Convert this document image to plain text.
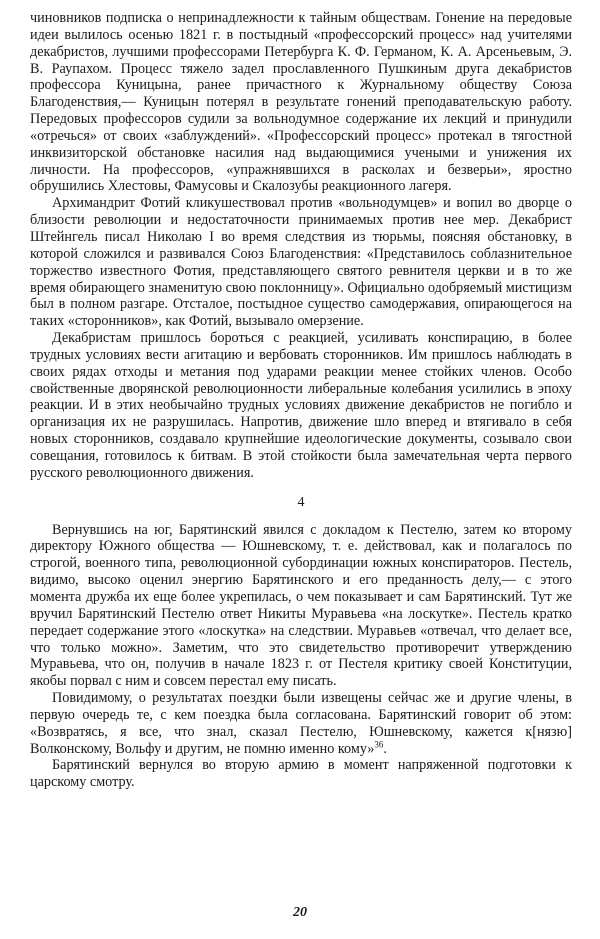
чиновников подписка о непринадлежности к тайным обществам. Гонение на передовые идеи вылилось осенью 1821 г. в постыдный «профессорский процесс» над учителями декабристов, лучшими профессорами Петербурга К. Ф. Германом, К. А. Арсеньевым, Э. В. Раупахом. Процесс тяжело задел прославленного Пушкиным друга декабристов профессора Куницына, ранее причастного к Журнальному обществу Союза Благоденствия,— Куницын потерял в результате гонений преподавательскую работу. Передовых профессоров судили за вольнодумное содержание их лекций и принудили «отречься» от своих «заблуждений». «Профессорский процесс» протекал в тягостной инквизиторской обстановке насилия над выдающимися учеными и унижения их личности. На профессоров, «упражнявшихся в расколах и безверьи», яростно обрушились Хлестовы, Фамусовы и Скалозубы реакционного лагеря.

Архимандрит Фотий кликушествовал против «вольнодумцев» и вопил во дворце о близости революции и недостаточности принимаемых против нее мер. Декабрист Штейнгель писал Николаю I во время следствия из тюрьмы, поясняя обстановку, в которой сложился и развивался Союз Благоденствия: «Представилось соблазнительное торжество известного Фотия, представляющего святого ревнителя церкви и в то же время обирающего знаменитую свою поклонницу». Официально одобряемый мистицизм был в полном разгаре. Отсталое, постыдное существо самодержавия, опирающегося на таких «сторонников», как Фотий, вызывало омерзение.

Декабристам пришлось бороться с реакцией, усиливать конспирацию, в более трудных условиях вести агитацию и вербовать сторонников. Им пришлось наблюдать в своих рядах отходы и метания под ударами реакции менее стойких членов. Особо свойственные дворянской революционности либеральные колебания усилились в эпоху реакции. И в этих необычайно трудных условиях движение декабристов не погибло и организация их не разрушилась. Напротив, движение шло вперед и втягивало в себя новых сторонников, создавало крупнейшие идеологические документы, созывало свои совещания, готовилось к битвам. В этой стойкости была замечательная черта первого русского революционного движения.

4

Вернувшись на юг, Барятинский явился с докладом к Пестелю, затем ко второму директору Южного общества — Юшневскому, т. е. действовал, как и полагалось по строгой, военного типа, революционной субординации южных конспираторов. Пестель, видимо, высоко оценил энергию Барятинского и его преданность делу,— с этого момента дружба их еще более укрепилась, о чем показывает и сам Барятинский. Тут же вручил Барятинский Пестелю ответ Никиты Муравьева «на лоскутке». Пестель кратко передает содержание этого «лоскутка» на следствии. Муравьев «отвечал, что делает все, что только можно». Заметим, что это свидетельство противоречит утверждению Муравьева, что он, получив в начале 1823 г. от Пестеля критику своей Конституции, якобы порвал с ним и совсем перестал ему писать.

Повидимому, о результатах поездки были извещены сейчас же и другие члены, в первую очередь те, с кем поездка была согласована. Барятинский говорит об этом: «Возвратясь, я все, что знал, сказал Пестелю, Юшневскому, кажется к[нязю] Волконскому, Вольфу и другим, не помню именно кому»$^{36}$.

Барятинский вернулся во вторую армию в момент напряженной подготовки к царскому смотру.

20
